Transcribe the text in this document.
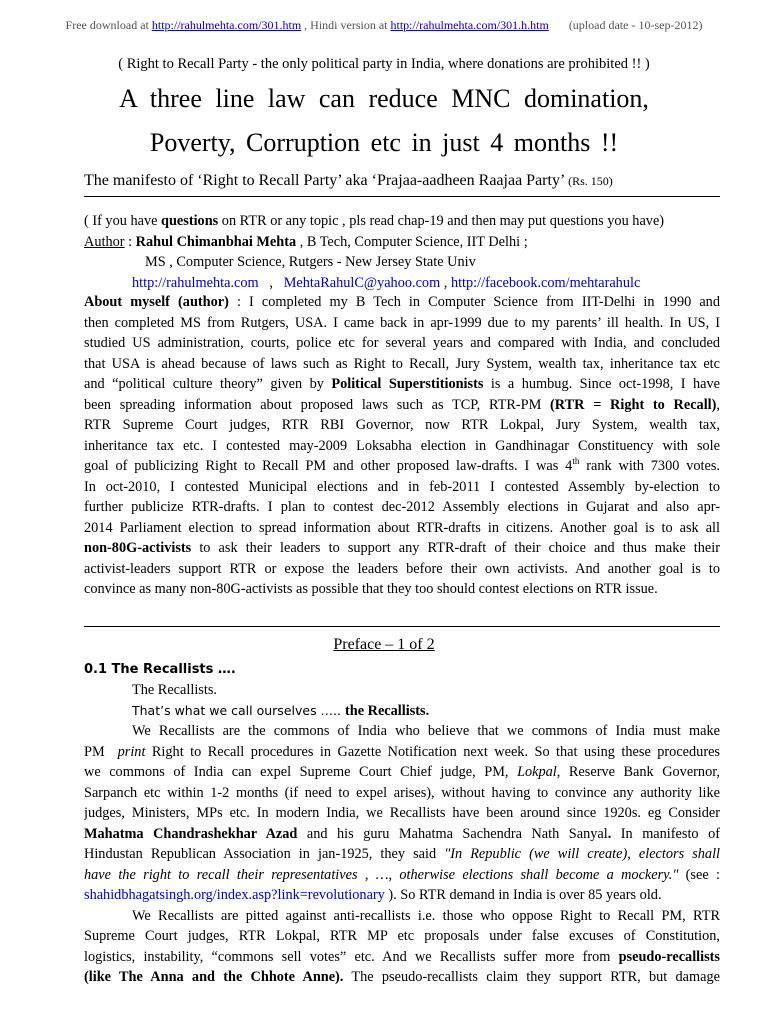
Free download at http://rahulmehta.com/301.htm , Hindi version at http://rahulmehta.com/301.h.htm (upload date - 10-sep-2012)
( Right to Recall Party - the only political party in India, where donations are prohibited !! )
A three line law can reduce MNC domination,
Poverty, Corruption etc in just 4 months !!
The manifesto of ‘Right to Recall Party’ aka ‘Prajaa-aadheen Raajaa Party’ (Rs. 150)
( If you have questions on RTR or any topic , pls read chap-19 and then may put questions you have)
Author : Rahul Chimanbhai Mehta , B Tech, Computer Science, IIT Delhi ;
MS , Computer Science, Rutgers - New Jersey State Univ
http://rahulmehta.com   ,   MehtaRahulC@yahoo.com , http://facebook.com/mehtarahulc
About myself (author) : I completed my B Tech in Computer Science from IIT-Delhi in 1990 and
then completed MS from Rutgers, USA. I came back in apr-1999 due to my parents’ ill health. In US, I
studied US administration, courts, police etc for several years and compared with India, and concluded
that USA is ahead because of laws such as Right to Recall, Jury System, wealth tax, inheritance tax etc
and “political culture theory” given by Political Superstitionists is a humbug. Since oct-1998, I have
been spreading information about proposed laws such as TCP, RTR-PM (RTR = Right to Recall),
RTR Supreme Court judges, RTR RBI Governor, now RTR Lokpal, Jury System, wealth tax,
inheritance tax etc. I contested may-2009 Loksabha election in Gandhinagar Constituency with sole
goal of publicizing Right to Recall PM and other proposed law-drafts. I was 4th rank with 7300 votes.
In oct-2010, I contested Municipal elections and in feb-2011 I contested Assembly by-election to
further publicize RTR-drafts. I plan to contest dec-2012 Assembly elections in Gujarat and also apr-
2014 Parliament election to spread information about RTR-drafts in citizens. Another goal is to ask all
non-80G-activists to ask their leaders to support any RTR-draft of their choice and thus make their
activist-leaders support RTR or expose the leaders before their own activists. And another goal is to
convince as many non-80G-activists as possible that they too should contest elections on RTR issue.
Preface – 1 of 2
0.1 The Recallists ….
The Recallists.
That’s what we call ourselves ….. the Recallists.
We Recallists are the commons of India who believe that we commons of India must make
PM  print Right to Recall procedures in Gazette Notification next week. So that using these procedures
we commons of India can expel Supreme Court Chief judge, PM, Lokpal, Reserve Bank Governor,
Sarpanch etc within 1-2 months (if need to expel arises), without having to convince any authority like
judges, Ministers, MPs etc. In modern India, we Recallists have been around since 1920s. eg Consider
Mahatma Chandrashekhar Azad and his guru Mahatma Sachendra Nath Sanyal. In manifesto of
Hindustan Republican Association in jan-1925, they said "In Republic (we will create), electors shall
have the right to recall their representatives , …, otherwise elections shall become a mockery." (see :
shahidbhagatsingh.org/index.asp?link=revolutionary ). So RTR demand in India is over 85 years old.
We Recallists are pitted against anti-recallists i.e. those who oppose Right to Recall PM, RTR
Supreme Court judges, RTR Lokpal, RTR MP etc proposals under false excuses of Constitution,
logistics, instability, “commons sell votes” etc. And we Recallists suffer more from pseudo-recallists
(like The Anna and the Chhote Anne). The pseudo-recallists claim they support RTR, but damage
